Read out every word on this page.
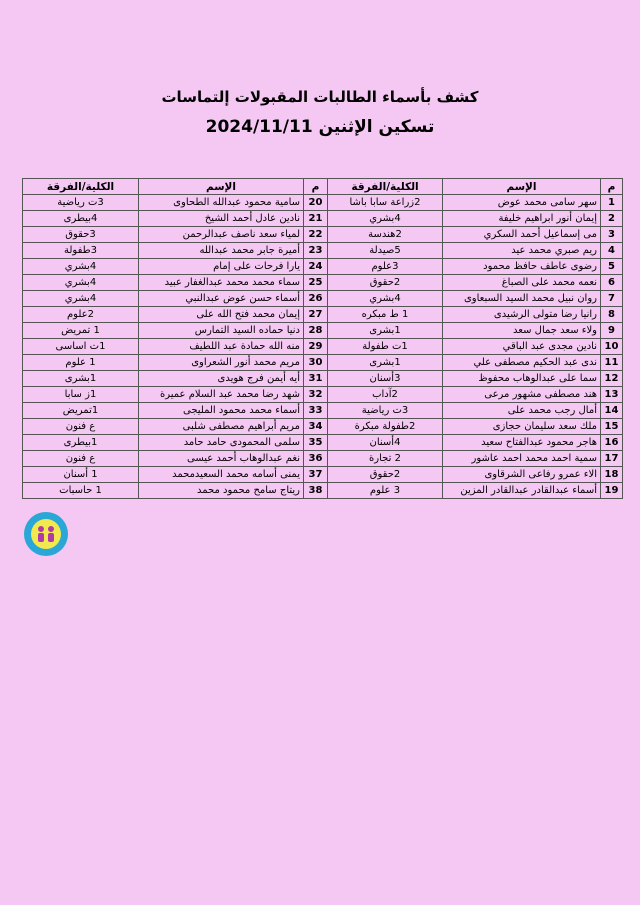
كشف بأسماء الطالبات المقبولات إلتماسات
تسكين الإثنين 2024/11/11
م	الإسم	الكلية/الفرقة	م	الإسم	الكلية/الفرقة
1	سهر سامى محمد عوض	2زراعة سابا باشا	20	سامية محمود عبدالله الطحاوى	3ت رياضية
2	إيمان أنور ابراهيم خليفة	4بشري	21	نادين عادل أحمد الشيخ	4بيطرى
3	مى إسماعيل أحمد السكري	2هندسة	22	لمياء سعد ناصف عبدالرحمن	3حقوق
4	ريم صبري محمد عيد	5صيدلة	23	أميرة جابر محمد عبدالله	3طفولة
5	رضوى عاطف حافظ محمود	3علوم	24	يارا فرحات على إمام	4بشري
6	نعمه محمد على الصباغ	2حقوق	25	سماء محمد محمد عبدالغفار عبيد	4بشري
7	روان نبيل محمد السيد السبعاوى	4بشري	26	أسماء حسن عوض عبدالنبي	4بشري
8	رانيا رضا متولى الرشيدى	1 ط مبكره	27	إيمان محمد فتح الله على	2علوم
9	ولاء سعد جمال سعد	1بشرى	28	دنيا حماده السيد التمارس	1 تمريض
10	نادين مجدى عبد الباقي	1ت طفولة	29	منه الله حمادة عبد اللطيف	1ت اساسى
11	ندى عبد الحكيم مصطفى علي	1بشرى	30	مريم محمد أنور الشعراوى	1 علوم
12	سما على عبدالوهاب محفوظ	3أسنان	31	أيه أيمن فرج هويدى	1بشرى
13	هند مصطفى مشهور مرعى	2آداب	32	شهد رضا محمد عبد السلام عميرة	1ز سابا
14	أمال رجب محمد على	3ت رياضية	33	أسماء محمد محمود المليجى	1تمريض
15	ملك سعد سليمان حجازى	2طفولة مبكرة	34	مريم أبراهيم مصطفى شلبى	ع فنون
16	هاجر محمود عبدالفتاح سعيد	4أسنان	35	سلمى المحمودى حامد حامد	1بيطرى
17	سمية احمد محمد احمد عاشور	2 تجارة	36	نغم عبدالوهاب أحمد عيسى	ع فنون
18	الاء عمرو رفاعى الشرقاوى	2حقوق	37	يمنى أسامه محمد السعيدمحمد	1 أسنان
19	أسماء عبدالقادر عبدالقادر المزين	3 علوم	38	ريتاج سامح محمود محمد	1 حاسبات
